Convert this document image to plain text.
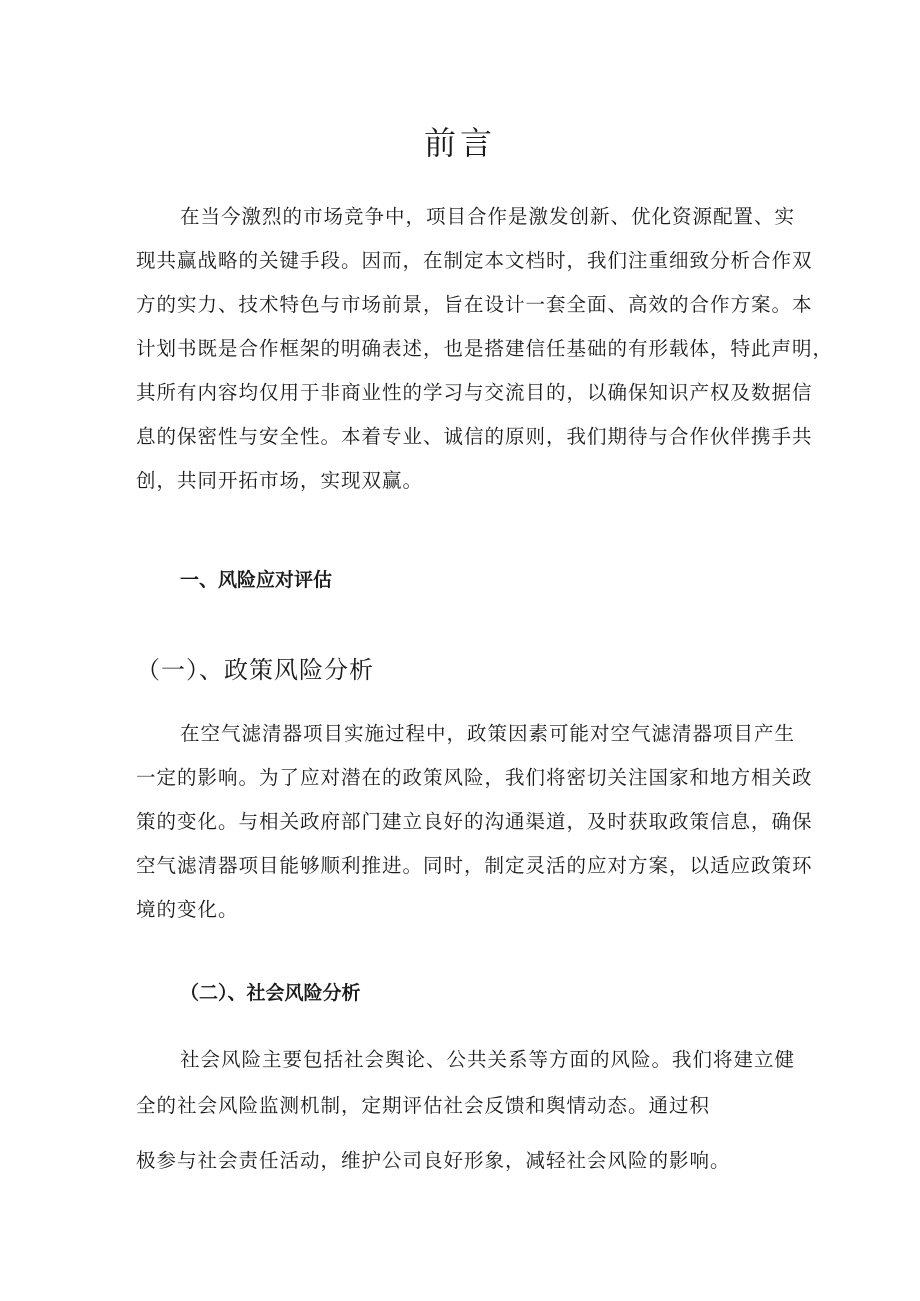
前言

在当今激烈的市场竞争中，项目合作是激发创新、优化资源配置、实

现共赢战略的关键手段。因而，在制定本文档时，我们注重细致分析合作双

方的实力、技术特色与市场前景，旨在设计一套全面、高效的合作方案。本

计划书既是合作框架的明确表述，也是搭建信任基础的有形载体，特此声明，

其所有内容均仅用于非商业性的学习与交流目的，以确保知识产权及数据信

息的保密性与安全性。本着专业、诚信的原则，我们期待与合作伙伴携手共

创，共同开拓市场，实现双赢。

一、风险应对评估
（一）、政策风险分析

在空气滤清器项目实施过程中，政策因素可能对空气滤清器项目产生

一定的影响。为了应对潜在的政策风险，我们将密切关注国家和地方相关政

策的变化。与相关政府部门建立良好的沟通渠道，及时获取政策信息，确保

空气滤清器项目能够顺利推进。同时，制定灵活的应对方案，以适应政策环

境的变化。

（二）、社会风险分析

社会风险主要包括社会舆论、公共关系等方面的风险。我们将建立健

全的社会风险监测机制，定期评估社会反馈和舆情动态。通过积

极参与社会责任活动，维护公司良好形象，减轻社会风险的影响。
